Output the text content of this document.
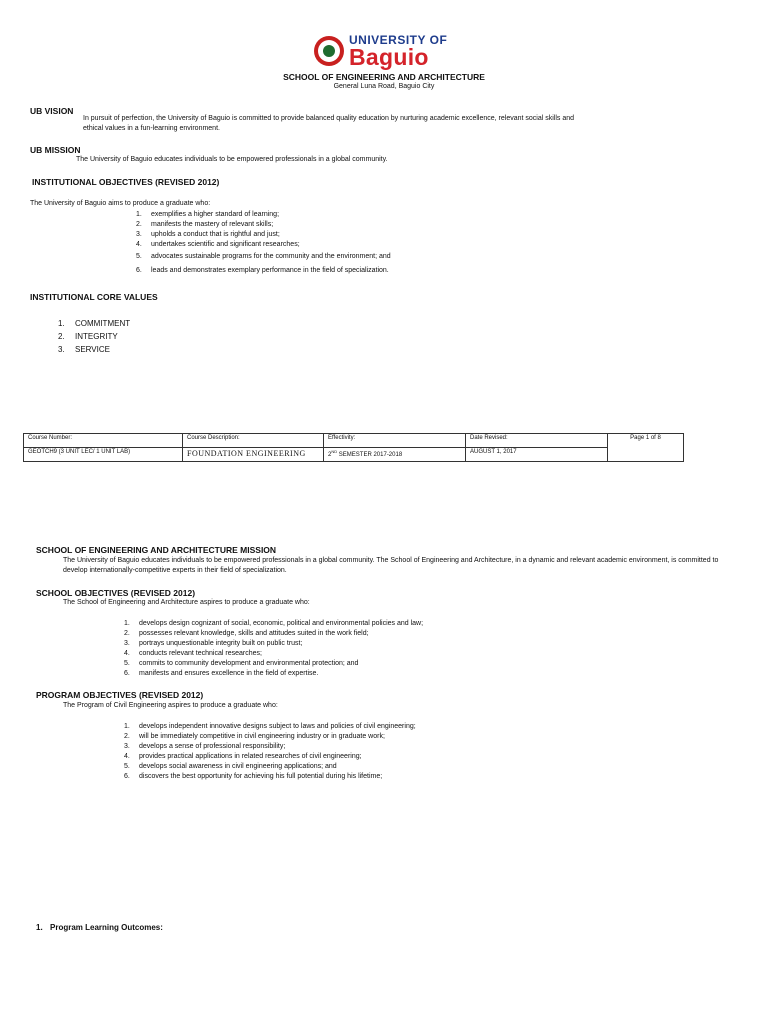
UNIVERSITY OF
Baguio
SCHOOL OF ENGINEERING AND ARCHITECTURE
General Luna Road, Baguio City
UB VISION
In pursuit of perfection, the University of Baguio is committed to provide balanced quality education by nurturing academic excellence, relevant social skills and ethical values in a fun-learning environment.
UB MISSION
The University of Baguio educates individuals to be empowered professionals in a global community.
INSTITUTIONAL OBJECTIVES (REVISED 2012)
The University of Baguio aims to produce a graduate who:
1. exemplifies a higher standard of learning;
2. manifests the mastery of relevant skills;
3. upholds a conduct that is rightful and just;
4. undertakes scientific and significant researches;
5. advocates sustainable programs for the community and the environment; and
6. leads and demonstrates exemplary performance in the field of specialization.
INSTITUTIONAL CORE VALUES
1. COMMITMENT
2. INTEGRITY
3. SERVICE
Course Number:	Course Description:	Effectivity:	Date Revised:	Page 1 of 8
GEOTCH9 (3 UNIT LEC/ 1 UNIT LAB)	FOUNDATION ENGINEERING	2ND SEMESTER 2017-2018	AUGUST 1, 2017	
SCHOOL OF ENGINEERING AND ARCHITECTURE MISSION
The University of Baguio educates individuals to be empowered professionals in a global community. The School of Engineering and Architecture, in a dynamic and relevant academic environment, is committed to develop internationally-competitive experts in their field of specialization.
SCHOOL OBJECTIVES (REVISED 2012)
The School of Engineering and Architecture aspires to produce a graduate who:
1. develops design cognizant of social, economic, political and environmental policies and law;
2. possesses relevant knowledge, skills and attitudes suited in the work field;
3. portrays unquestionable integrity built on public trust;
4. conducts relevant technical researches;
5. commits to community development and environmental protection; and
6. manifests and ensures excellence in the field of expertise.
PROGRAM OBJECTIVES (REVISED 2012)
The Program of Civil Engineering aspires to produce a graduate who:
1. develops independent innovative designs subject to laws and policies of civil engineering;
2. will be immediately competitive in civil engineering industry or in graduate work;
3. develops a sense of professional responsibility;
4. provides practical applications in related researches of civil engineering;
5. develops social awareness in civil engineering applications; and
6. discovers the best opportunity for achieving his full potential during his lifetime;
1. Program Learning Outcomes:
